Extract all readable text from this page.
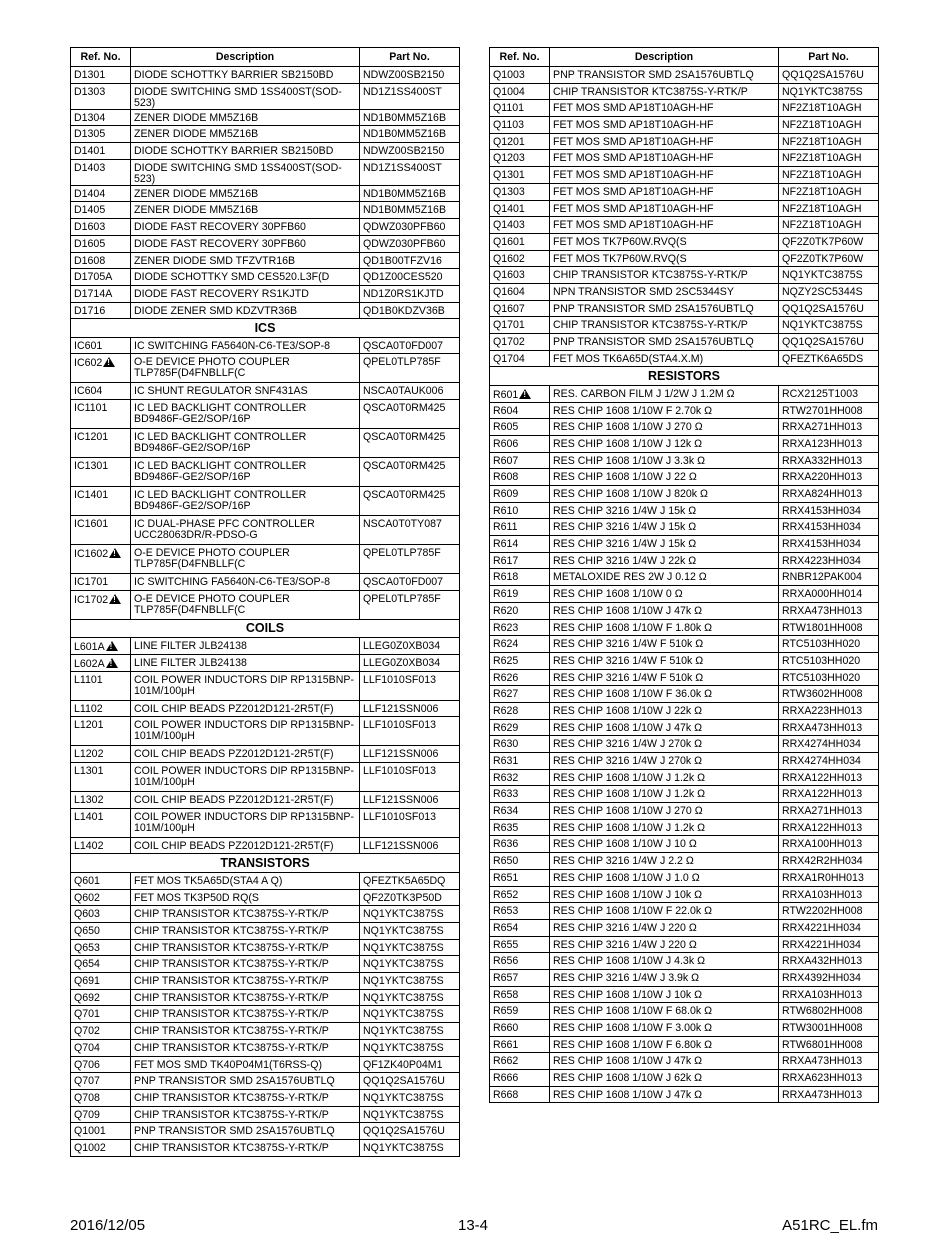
Ref. No.	Description	Part No.
D1301	DIODE SCHOTTKY BARRIER SB2150BD	NDWZ00SB2150
D1303	DIODE SWITCHING SMD 1SS400ST(SOD-523)	ND1Z1SS400ST
D1304	ZENER DIODE MM5Z16B	ND1B0MM5Z16B
D1305	ZENER DIODE MM5Z16B	ND1B0MM5Z16B
D1401	DIODE SCHOTTKY BARRIER SB2150BD	NDWZ00SB2150
D1403	DIODE SWITCHING SMD 1SS400ST(SOD-523)	ND1Z1SS400ST
D1404	ZENER DIODE MM5Z16B	ND1B0MM5Z16B
D1405	ZENER DIODE MM5Z16B	ND1B0MM5Z16B
D1603	DIODE FAST RECOVERY 30PFB60	QDWZ030PFB60
D1605	DIODE FAST RECOVERY 30PFB60	QDWZ030PFB60
D1608	ZENER DIODE SMD TFZVTR16B	QD1B00TFZV16
D1705A	DIODE SCHOTTKY SMD CES520.L3F(D	QD1Z00CES520
D1714A	DIODE FAST RECOVERY RS1KJTD	ND1Z0RS1KJTD
D1716	DIODE ZENER SMD KDZVTR36B	QD1B0KDZV36B
ICS		
IC601	IC SWITCHING FA5640N-C6-TE3/SOP-8	QSCA0T0FD007
IC602!	O-E DEVICE PHOTO COUPLER TLP785F(D4FNBLLF(C	QPEL0TLP785F
IC604	IC SHUNT REGULATOR SNF431AS	NSCA0TAUK006
IC1101	IC LED BACKLIGHT CONTROLLER BD9486F-GE2/SOP/16P	QSCA0T0RM425
IC1201	IC LED BACKLIGHT CONTROLLER BD9486F-GE2/SOP/16P	QSCA0T0RM425
IC1301	IC LED BACKLIGHT CONTROLLER BD9486F-GE2/SOP/16P	QSCA0T0RM425
IC1401	IC LED BACKLIGHT CONTROLLER BD9486F-GE2/SOP/16P	QSCA0T0RM425
IC1601	IC DUAL-PHASE PFC CONTROLLER UCC28063DR/R-PDSO-G	NSCA0T0TY087
IC1602!	O-E DEVICE PHOTO COUPLER TLP785F(D4FNBLLF(C	QPEL0TLP785F
IC1701	IC SWITCHING FA5640N-C6-TE3/SOP-8	QSCA0T0FD007
IC1702!	O-E DEVICE PHOTO COUPLER TLP785F(D4FNBLLF(C	QPEL0TLP785F
COILS		
L601A!	LINE FILTER JLB24138	LLEG0Z0XB034
L602A!	LINE FILTER JLB24138	LLEG0Z0XB034
L1101	COIL POWER INDUCTORS DIP RP1315BNP-101M/100μH	LLF1010SF013
L1102	COIL CHIP BEADS PZ2012D121-2R5T(F)	LLF121SSN006
L1201	COIL POWER INDUCTORS DIP RP1315BNP-101M/100μH	LLF1010SF013
L1202	COIL CHIP BEADS PZ2012D121-2R5T(F)	LLF121SSN006
L1301	COIL POWER INDUCTORS DIP RP1315BNP-101M/100μH	LLF1010SF013
L1302	COIL CHIP BEADS PZ2012D121-2R5T(F)	LLF121SSN006
L1401	COIL POWER INDUCTORS DIP RP1315BNP-101M/100μH	LLF1010SF013
L1402	COIL CHIP BEADS PZ2012D121-2R5T(F)	LLF121SSN006
TRANSISTORS		
Q601	FET MOS TK5A65D(STA4 A Q)	QFEZTK5A65DQ
Q602	FET MOS TK3P50D RQ(S	QF2Z0TK3P50D
Q603	CHIP TRANSISTOR KTC3875S-Y-RTK/P	NQ1YKTC3875S
Q650	CHIP TRANSISTOR KTC3875S-Y-RTK/P	NQ1YKTC3875S
Q653	CHIP TRANSISTOR KTC3875S-Y-RTK/P	NQ1YKTC3875S
Q654	CHIP TRANSISTOR KTC3875S-Y-RTK/P	NQ1YKTC3875S
Q691	CHIP TRANSISTOR KTC3875S-Y-RTK/P	NQ1YKTC3875S
Q692	CHIP TRANSISTOR KTC3875S-Y-RTK/P	NQ1YKTC3875S
Q701	CHIP TRANSISTOR KTC3875S-Y-RTK/P	NQ1YKTC3875S
Q702	CHIP TRANSISTOR KTC3875S-Y-RTK/P	NQ1YKTC3875S
Q704	CHIP TRANSISTOR KTC3875S-Y-RTK/P	NQ1YKTC3875S
Q706	FET MOS SMD TK40P04M1(T6RSS-Q)	QF1ZK40P04M1
Q707	PNP TRANSISTOR SMD 2SA1576UBTLQ	QQ1Q2SA1576U
Q708	CHIP TRANSISTOR KTC3875S-Y-RTK/P	NQ1YKTC3875S
Q709	CHIP TRANSISTOR KTC3875S-Y-RTK/P	NQ1YKTC3875S
Q1001	PNP TRANSISTOR SMD 2SA1576UBTLQ	QQ1Q2SA1576U
Q1002	CHIP TRANSISTOR KTC3875S-Y-RTK/P	NQ1YKTC3875S
Ref. No.	Description	Part No.
Q1003	PNP TRANSISTOR SMD 2SA1576UBTLQ	QQ1Q2SA1576U
Q1004	CHIP TRANSISTOR KTC3875S-Y-RTK/P	NQ1YKTC3875S
Q1101	FET MOS SMD AP18T10AGH-HF	NF2Z18T10AGH
Q1103	FET MOS SMD AP18T10AGH-HF	NF2Z18T10AGH
Q1201	FET MOS SMD AP18T10AGH-HF	NF2Z18T10AGH
Q1203	FET MOS SMD AP18T10AGH-HF	NF2Z18T10AGH
Q1301	FET MOS SMD AP18T10AGH-HF	NF2Z18T10AGH
Q1303	FET MOS SMD AP18T10AGH-HF	NF2Z18T10AGH
Q1401	FET MOS SMD AP18T10AGH-HF	NF2Z18T10AGH
Q1403	FET MOS SMD AP18T10AGH-HF	NF2Z18T10AGH
Q1601	FET MOS TK7P60W.RVQ(S	QF2Z0TK7P60W
Q1602	FET MOS TK7P60W.RVQ(S	QF2Z0TK7P60W
Q1603	CHIP TRANSISTOR KTC3875S-Y-RTK/P	NQ1YKTC3875S
Q1604	NPN TRANSISTOR SMD 2SC5344SY	NQZY2SC5344S
Q1607	PNP TRANSISTOR SMD 2SA1576UBTLQ	QQ1Q2SA1576U
Q1701	CHIP TRANSISTOR KTC3875S-Y-RTK/P	NQ1YKTC3875S
Q1702	PNP TRANSISTOR SMD 2SA1576UBTLQ	QQ1Q2SA1576U
Q1704	FET MOS TK6A65D(STA4.X.M)	QFEZTK6A65DS
RESISTORS		
R601!	RES. CARBON FILM J 1/2W J 1.2M Ω	RCX2125T1003
R604	RES CHIP 1608 1/10W F 2.70k Ω	RTW2701HH008
R605	RES CHIP 1608 1/10W J 270 Ω	RRXA271HH013
R606	RES CHIP 1608 1/10W J 12k Ω	RRXA123HH013
R607	RES CHIP 1608 1/10W J 3.3k Ω	RRXA332HH013
R608	RES CHIP 1608 1/10W J 22 Ω	RRXA220HH013
R609	RES CHIP 1608 1/10W J 820k Ω	RRXA824HH013
R610	RES CHIP 3216 1/4W J 15k Ω	RRX4153HH034
R611	RES CHIP 3216 1/4W J 15k Ω	RRX4153HH034
R614	RES CHIP 3216 1/4W J 15k Ω	RRX4153HH034
R617	RES CHIP 3216 1/4W J 22k Ω	RRX4223HH034
R618	METALOXIDE RES 2W J 0.12 Ω	RNBR12PAK004
R619	RES CHIP 1608 1/10W 0 Ω	RRXA000HH014
R620	RES CHIP 1608 1/10W J 47k Ω	RRXA473HH013
R623	RES CHIP 1608 1/10W F 1.80k Ω	RTW1801HH008
R624	RES CHIP 3216 1/4W F 510k Ω	RTC5103HH020
R625	RES CHIP 3216 1/4W F 510k Ω	RTC5103HH020
R626	RES CHIP 3216 1/4W F 510k Ω	RTC5103HH020
R627	RES CHIP 1608 1/10W F 36.0k Ω	RTW3602HH008
R628	RES CHIP 1608 1/10W J 22k Ω	RRXA223HH013
R629	RES CHIP 1608 1/10W J 47k Ω	RRXA473HH013
R630	RES CHIP 3216 1/4W J 270k Ω	RRX4274HH034
R631	RES CHIP 3216 1/4W J 270k Ω	RRX4274HH034
R632	RES CHIP 1608 1/10W J 1.2k Ω	RRXA122HH013
R633	RES CHIP 1608 1/10W J 1.2k Ω	RRXA122HH013
R634	RES CHIP 1608 1/10W J 270 Ω	RRXA271HH013
R635	RES CHIP 1608 1/10W J 1.2k Ω	RRXA122HH013
R636	RES CHIP 1608 1/10W J 10 Ω	RRXA100HH013
R650	RES CHIP 3216 1/4W J 2.2 Ω	RRX42R2HH034
R651	RES CHIP 1608 1/10W J 1.0 Ω	RRXA1R0HH013
R652	RES CHIP 1608 1/10W J 10k Ω	RRXA103HH013
R653	RES CHIP 1608 1/10W F 22.0k Ω	RTW2202HH008
R654	RES CHIP 3216 1/4W J 220 Ω	RRX4221HH034
R655	RES CHIP 3216 1/4W J 220 Ω	RRX4221HH034
R656	RES CHIP 1608 1/10W J 4.3k Ω	RRXA432HH013
R657	RES CHIP 3216 1/4W J 3.9k Ω	RRX4392HH034
R658	RES CHIP 1608 1/10W J 10k Ω	RRXA103HH013
R659	RES CHIP 1608 1/10W F 68.0k Ω	RTW6802HH008
R660	RES CHIP 1608 1/10W F 3.00k Ω	RTW3001HH008
R661	RES CHIP 1608 1/10W F 6.80k Ω	RTW6801HH008
R662	RES CHIP 1608 1/10W J 47k Ω	RRXA473HH013
R666	RES CHIP 1608 1/10W J 62k Ω	RRXA623HH013
R668	RES CHIP 1608 1/10W J 47k Ω	RRXA473HH013
2016/12/05	13-4	A51RC_EL.fm
